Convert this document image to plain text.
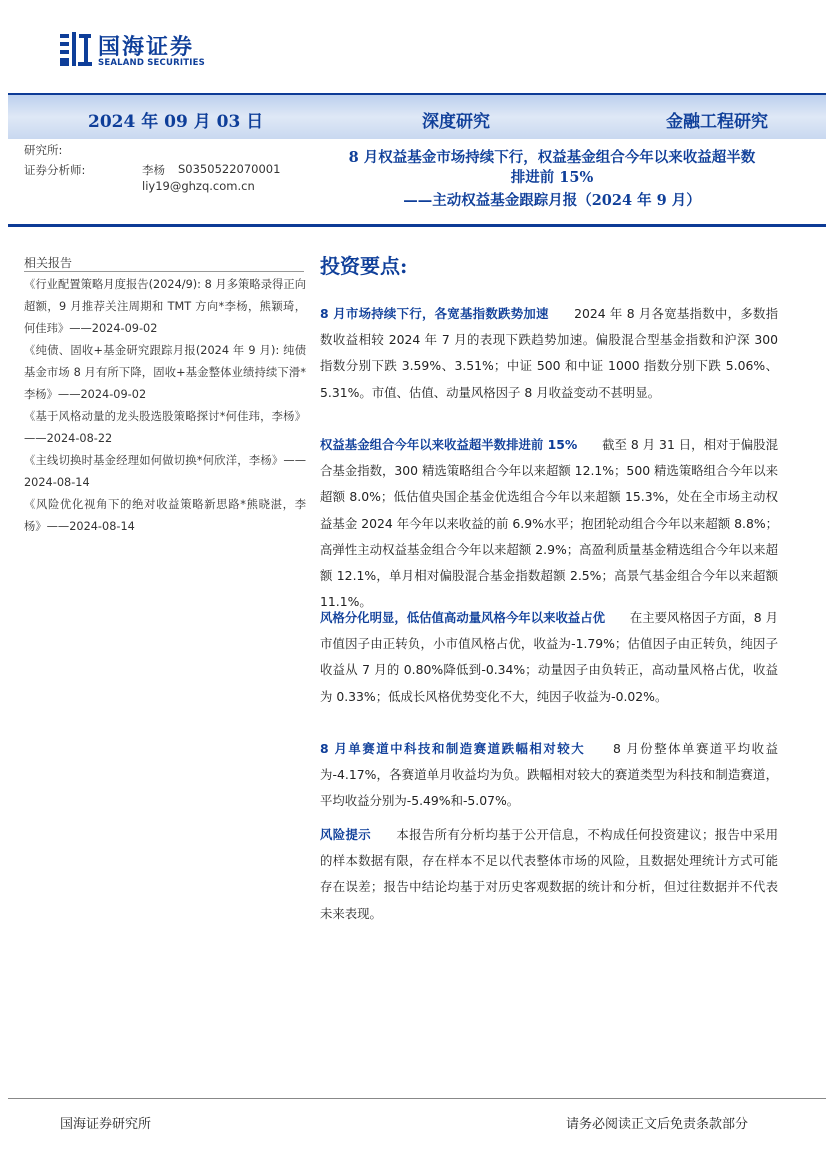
国海证券
SEALAND SECURITIES
2024 年 09 月 03 日	深度研究	金融工程研究
研究所:
证券分析师:	李杨 S0350522070001
liy19@ghzq.com.cn
8 月权益基金市场持续下行，权益基金组合今年以来收益超半数
排进前 15%
——主动权益基金跟踪月报（2024 年 9 月）
相关报告

《行业配置策略月度报告(2024/9): 8 月多策略录得正向超额，9 月推荐关注周期和 TMT 方向*李杨，熊颖琦，何佳玮》——2024-09-02

《纯债、固收+基金研究跟踪月报(2024 年 9 月): 纯债基金市场 8 月有所下降，固收+基金整体业绩持续下滑*李杨》——2024-09-02

《基于风格动量的龙头股选股策略探讨*何佳玮，李杨》——2024-08-22

《主线切换时基金经理如何做切换*何欣洋，李杨》——2024-08-14

《风险优化视角下的绝对收益策略新思路*熊晓湛，李杨》——2024-08-14

投资要点:

8 月市场持续下行，各宽基指数跌势加速　　2024 年 8 月各宽基指数中，多数指数收益相较 2024 年 7 月的表现下跌趋势加速。偏股混合型基金指数和沪深 300 指数分别下跌 3.59%、3.51%；中证 500 和中证 1000 指数分别下跌 5.06%、5.31%。市值、估值、动量风格因子 8 月收益变动不甚明显。

权益基金组合今年以来收益超半数排进前 15%　　截至 8 月 31 日，相对于偏股混合基金指数，300 精选策略组合今年以来超额 12.1%；500 精选策略组合今年以来超额 8.0%；低估值央国企基金优选组合今年以来超额 15.3%，处在全市场主动权益基金 2024 年今年以来收益的前 6.9%水平；抱团轮动组合今年以来超额 8.8%；高弹性主动权益基金组合今年以来超额 2.9%；高盈利质量基金精选组合今年以来超额 12.1%，单月相对偏股混合基金指数超额 2.5%；高景气基金组合今年以来超额 11.1%。

风格分化明显，低估值高动量风格今年以来收益占优　　在主要风格因子方面，8 月市值因子由正转负，小市值风格占优，收益为-1.79%；估值因子由正转负，纯因子收益从 7 月的 0.80%降低到-0.34%；动量因子由负转正，高动量风格占优，收益为 0.33%；低成长风格优势变化不大，纯因子收益为-0.02%。

8 月单赛道中科技和制造赛道跌幅相对较大　　8 月份整体单赛道平均收益为-4.17%，各赛道单月收益均为负。跌幅相对较大的赛道类型为科技和制造赛道，平均收益分别为-5.49%和-5.07%。

风险提示　　本报告所有分析均基于公开信息，不构成任何投资建议；报告中采用的样本数据有限，存在样本不足以代表整体市场的风险，且数据处理统计方式可能存在误差；报告中结论均基于对历史客观数据的统计和分析，但过往数据并不代表未来表现。

国海证券研究所	请务必阅读正文后免责条款部分
